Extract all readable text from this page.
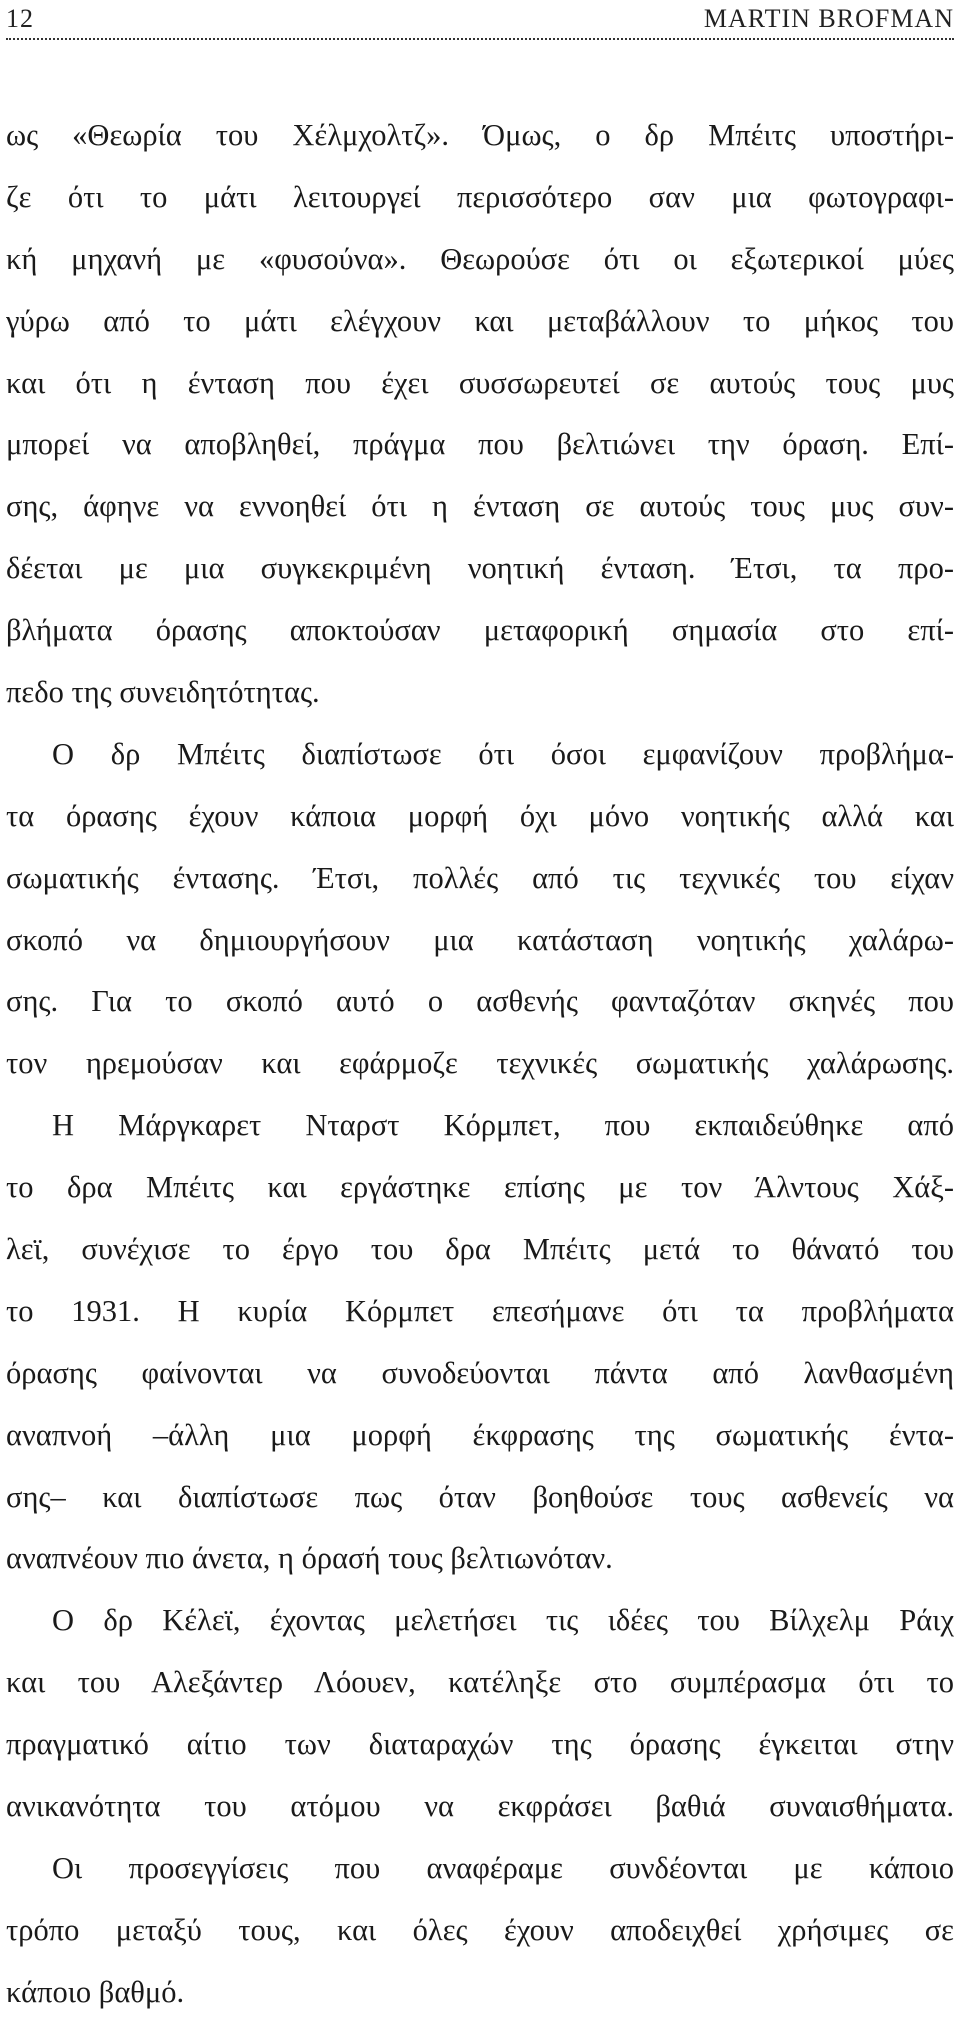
12	MARTIN BROFMAN
ως «Θεωρία του Χέλμχολτζ». Όμως, ο δρ Μπέιτς υποστήρι-
ζε ότι το μάτι λειτουργεί περισσότερο σαν μια φωτογραφι-
κή μηχανή με «φυσούνα». Θεωρούσε ότι οι εξωτερικοί μύες
γύρω από το μάτι ελέγχουν και μεταβάλλουν το μήκος του
και ότι η ένταση που έχει συσσωρευτεί σε αυτούς τους μυς
μπορεί να αποβληθεί, πράγμα που βελτιώνει την όραση. Επί-
σης, άφηνε να εννοηθεί ότι η ένταση σε αυτούς τους μυς συν-
δέεται με μια συγκεκριμένη νοητική ένταση. Έτσι, τα προ-
βλήματα όρασης αποκτούσαν μεταφορική σημασία στο επί-
πεδο της συνειδητότητας.
Ο δρ Μπέιτς διαπίστωσε ότι όσοι εμφανίζουν προβλήμα-
τα όρασης έχουν κάποια μορφή όχι μόνο νοητικής αλλά και
σωματικής έντασης. Έτσι, πολλές από τις τεχνικές του είχαν
σκοπό να δημιουργήσουν μια κατάσταση νοητικής χαλάρω-
σης. Για το σκοπό αυτό ο ασθενής φανταζόταν σκηνές που
τον ηρεμούσαν και εφάρμοζε τεχνικές σωματικής χαλάρωσης.
Η Μάργκαρετ Νταρστ Κόρμπετ, που εκπαιδεύθηκε από
το δρα Μπέιτς και εργάστηκε επίσης με τον Άλντους Χάξ-
λεϊ, συνέχισε το έργο του δρα Μπέιτς μετά το θάνατό του
το 1931. Η κυρία Κόρμπετ επεσήμανε ότι τα προβλήματα
όρασης φαίνονται να συνοδεύονται πάντα από λανθασμένη
αναπνοή –άλλη μια μορφή έκφρασης της σωματικής έντα-
σης– και διαπίστωσε πως όταν βοηθούσε τους ασθενείς να
αναπνέουν πιο άνετα, η όρασή τους βελτιωνόταν.
Ο δρ Κέλεϊ, έχοντας μελετήσει τις ιδέες του Βίλχελμ Ράιχ
και του Αλεξάντερ Λόουεν, κατέληξε στο συμπέρασμα ότι το
πραγματικό αίτιο των διαταραχών της όρασης έγκειται στην
ανικανότητα του ατόμου να εκφράσει βαθιά συναισθήματα.
Οι προσεγγίσεις που αναφέραμε συνδέονται με κάποιο
τρόπο μεταξύ τους, και όλες έχουν αποδειχθεί χρήσιμες σε
κάποιο βαθμό.
